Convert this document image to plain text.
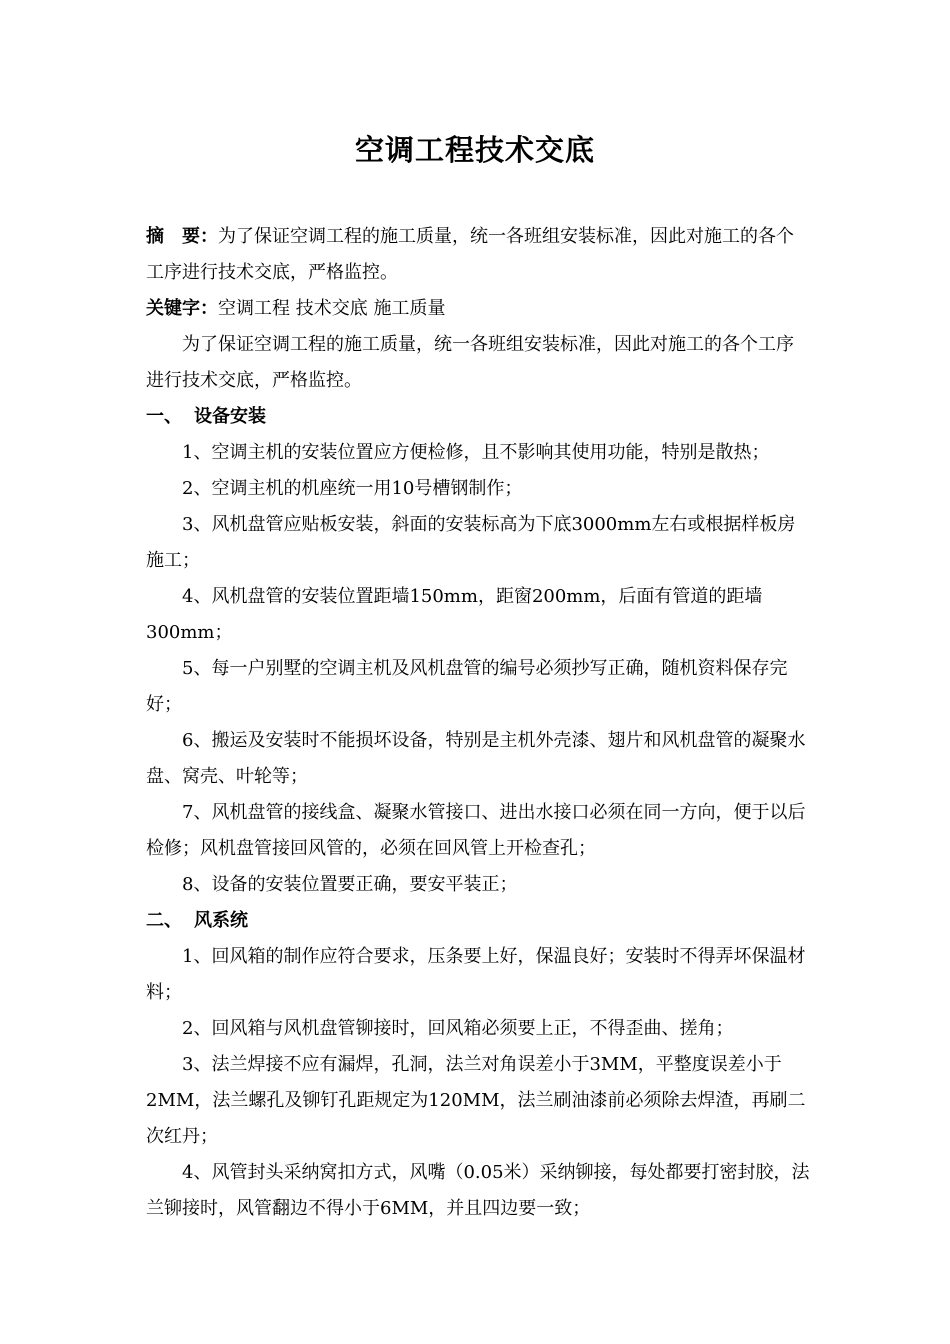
空调工程技术交底

摘　要：为了保证空调工程的施工质量，统一各班组安装标准，因此对施工的各个工序进行技术交底，严格监控。

关键字：空调工程 技术交底 施工质量

为了保证空调工程的施工质量，统一各班组安装标准，因此对施工的各个工序进行技术交底，严格监控。

一、 设备安装

1、空调主机的安装位置应方便检修，且不影响其使用功能，特别是散热；

2、空调主机的机座统一用10号槽钢制作；

3、风机盘管应贴板安装，斜面的安装标高为下底3000mm左右或根据样板房施工；

4、风机盘管的安装位置距墙150mm，距窗200mm，后面有管道的距墙300mm；

5、每一户别墅的空调主机及风机盘管的编号必须抄写正确，随机资料保存完好；

6、搬运及安装时不能损坏设备，特别是主机外壳漆、翅片和风机盘管的凝聚水盘、窝壳、叶轮等；

7、风机盘管的接线盒、凝聚水管接口、进出水接口必须在同一方向，便于以后检修；风机盘管接回风管的，必须在回风管上开检查孔；

8、设备的安装位置要正确，要安平装正；

二、 风系统

1、回风箱的制作应符合要求，压条要上好，保温良好；安装时不得弄坏保温材料；

2、回风箱与风机盘管铆接时，回风箱必须要上正，不得歪曲、搓角；

3、法兰焊接不应有漏焊，孔洞，法兰对角误差小于3MM，平整度误差小于2MM，法兰螺孔及铆钉孔距规定为120MM，法兰刷油漆前必须除去焊渣，再刷二次红丹；

4、风管封头采纳窝扣方式，风嘴（0.05米）采纳铆接，每处都要打密封胶，法兰铆接时，风管翻边不得小于6MM，并且四边要一致；
